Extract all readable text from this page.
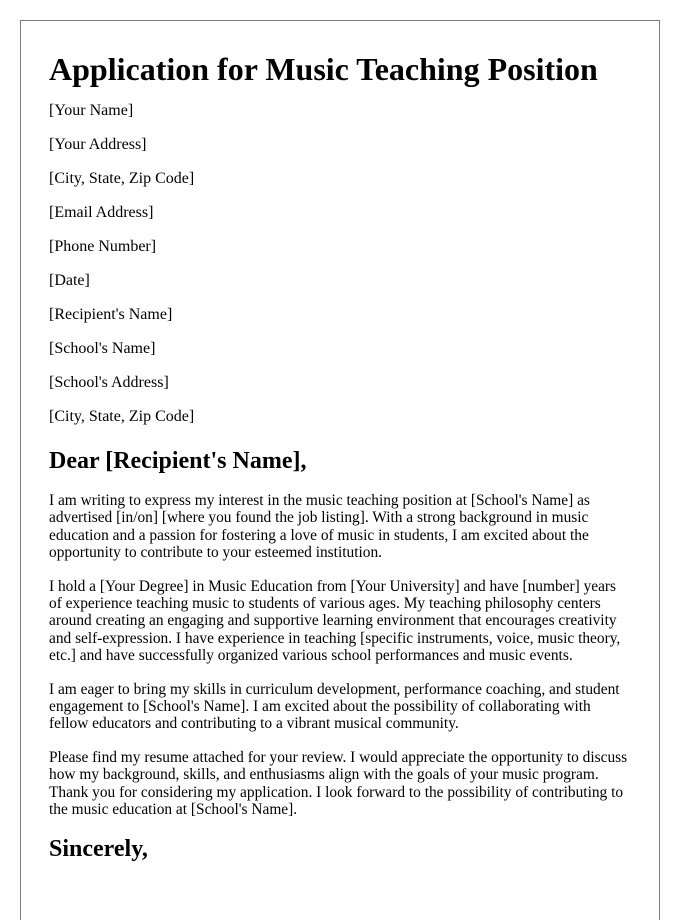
Application for Music Teaching Position

[Your Name]

[Your Address]

[City, State, Zip Code]

[Email Address]

[Phone Number]

[Date]

[Recipient's Name]

[School's Name]

[School's Address]

[City, State, Zip Code]

Dear [Recipient's Name],

I am writing to express my interest in the music teaching position at [School's Name] as advertised [in/on] [where you found the job listing]. With a strong background in music education and a passion for fostering a love of music in students, I am excited about the opportunity to contribute to your esteemed institution.

I hold a [Your Degree] in Music Education from [Your University] and have [number] years of experience teaching music to students of various ages. My teaching philosophy centers around creating an engaging and supportive learning environment that encourages creativity and self-expression. I have experience in teaching [specific instruments, voice, music theory, etc.] and have successfully organized various school performances and music events.

I am eager to bring my skills in curriculum development, performance coaching, and student engagement to [School's Name]. I am excited about the possibility of collaborating with fellow educators and contributing to a vibrant musical community.

Please find my resume attached for your review. I would appreciate the opportunity to discuss how my background, skills, and enthusiasms align with the goals of your music program. Thank you for considering my application. I look forward to the possibility of contributing to the music education at [School's Name].

Sincerely,
